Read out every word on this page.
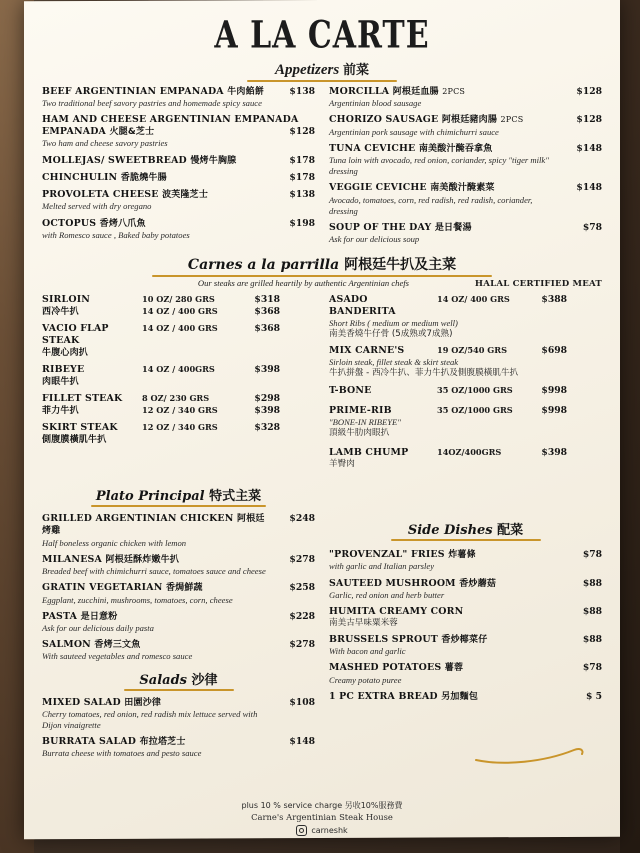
A LA CARTE
Appetizers 前菜
BEEF ARGENTINIAN EMPANADA 牛肉餡餅	$138
Two traditional beef savory pastries and homemade spicy sauce
HAM AND CHEESE ARGENTINIAN EMPANADA
EMPANADA 火腿&芝士	$128
Two ham and cheese savory pastries
MOLLEJAS/ SWEETBREAD 慢烤牛胸腺	$178
CHINCHULIN 香脆燒牛腸	$178
PROVOLETA CHEESE 波芙隆芝士	$138
Melted served with dry oregano
OCTOPUS 香烤八爪魚	$198
with Romesco sauce , Baked baby potatoes
MORCILLA 阿根廷血腸 2PCS	$128
Argentinian blood sausage
CHORIZO SAUSAGE 阿根廷豬肉腸 2PCS	$128
Argentinian pork sausage with chimichurri sauce
TUNA CEVICHE 南美酸汁醃吞拿魚	$148
Tuna loin with avocado, red onion, coriander, spicy "tiger milk" dressing
VEGGIE CEVICHE 南美酸汁醃素菜	$148
Avocado, tomatoes, corn, red radish, red radish, coriander, dressing
SOUP OF THE DAY 是日餐湯	$78
Ask for our delicious soup
Carnes a la parrilla 阿根廷牛扒及主菜
Our steaks are grilled heartily by authentic Argentinian chefs	HALAL CERTIFIED MEAT
SIRLOIN	10 OZ/ 280 GRS	$318
西冷牛扒	14 OZ / 400 GRS	$368
VACIO FLAP STEAK
14 OZ / 400 GRS	$368
牛腹心肉扒
RIBEYE	14 OZ / 400GRS	$398
肉眼牛扒
FILLET STEAK	8 OZ/ 230 GRS	$298
菲力牛扒	12 OZ / 340 GRS	$398
SKIRT STEAK	12 OZ / 340 GRS	$328
側腹膜橫肌牛扒
ASADO BANDERITA
14 OZ/ 400 GRS	$388
Short Ribs ( medium or medium well)
南美香燒牛仔骨 (5成熟或7成熟)
MIX CARNE'S	19 OZ/540 GRS	$698
Sirloin steak, fillet steak & skirt steak
牛扒拼盤 - 西冷牛扒、菲力牛扒及側腹膜橫肌牛扒
T-BONE	35 OZ/1000 GRS	$998
PRIME-RIB	35 OZ/1000 GRS	$998
"BONE-IN RIBEYE"
頂級牛肋肉眼扒
LAMB CHUMP	14OZ/400GRS	$398
羊臀肉
Plato Principal 特式主菜
GRILLED ARGENTINIAN CHICKEN 阿根廷烤雞
$248
Half boneless organic chicken with lemon
MILANESA 阿根廷酥炸嫩牛扒	$278
Breaded beef with chimichurri sauce, tomatoes sauce and cheese
GRATIN VEGETARIAN 香焗鮮蔬	$258
Eggplant, zucchini, mushrooms, tomatoes, corn, cheese
PASTA 是日意粉	$228
Ask for our delicious daily pasta
SALMON 香烤三文魚	$278
With sauteed vegetables and romesco sauce
Salads 沙律
MIXED SALAD 田園沙律	$108
Cherry tomatoes, red onion, red radish mix lettuce served with Dijon vinaigrette
BURRATA SALAD 布拉塔芝士	$148
Burrata cheese with tomatoes and pesto sauce
Side Dishes 配菜
"PROVENZAL" FRIES 炸薯條	$78
with garlic and Italian parsley
SAUTEED MUSHROOM 香炒蘑菇	$88
Garlic, red onion and herb butter
HUMITA CREAMY CORN	$88
南美古早味粟米蓉
BRUSSELS SPROUT 香炒椰菜仔	$88
With bacon and garlic
MASHED POTATOES 薯蓉	$78
Creamy potato puree
1 PC EXTRA BREAD 另加麵包	$ 5
plus 10 % service charge 另收10%服務費
Carne's Argentinian Steak House
carneshk
